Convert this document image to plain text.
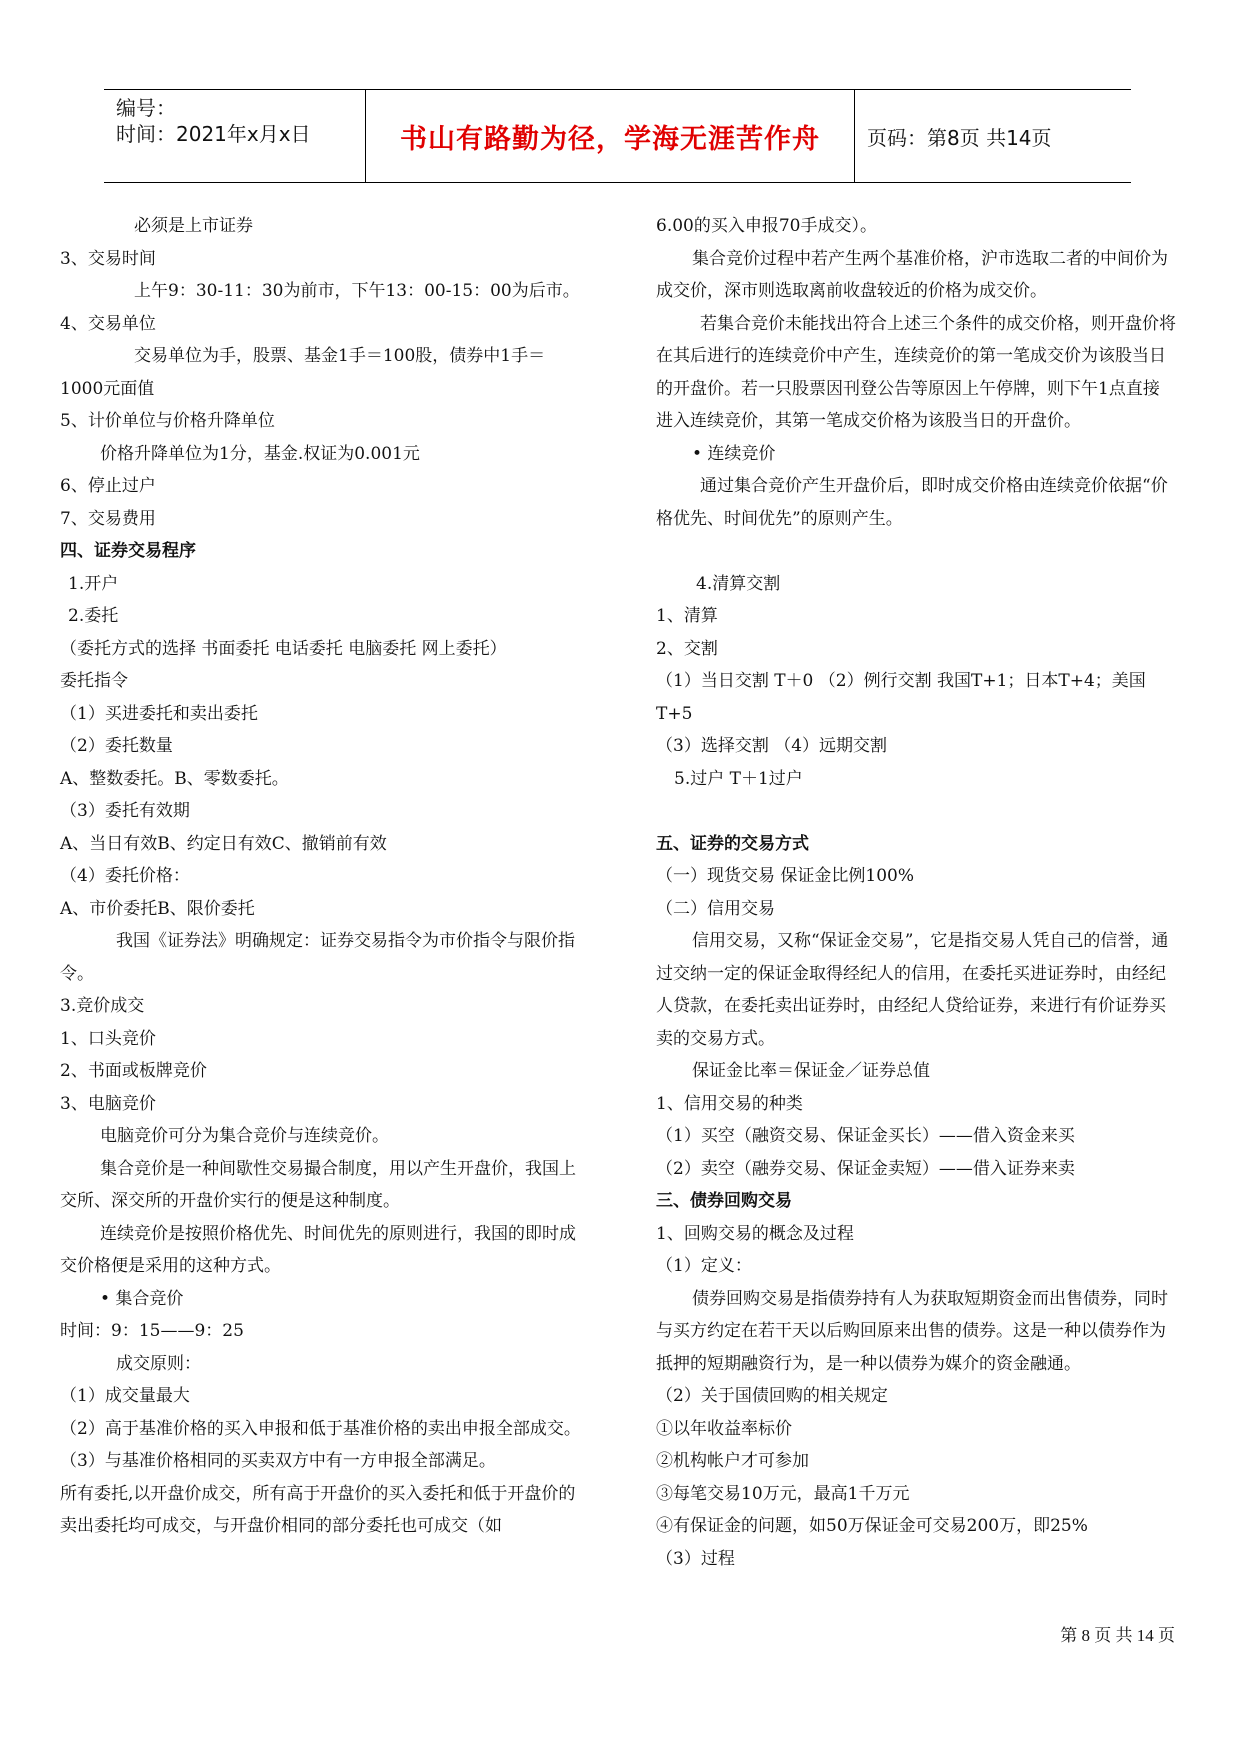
编号：
时间：2021年x月x日	书山有路勤为径，学海无涯苦作舟 页码：第8页 共14页
必须是上市证券
3、交易时间
上午9：30-11：30为前市，下午13：00-15：00为后市。
4、交易单位
交易单位为手，股票、基金1手＝100股，债券中1手＝1000元面值
5、计价单位与价格升降单位
价格升降单位为1分，基金.权证为0.001元
6、停止过户
7、交易费用
四、证券交易程序
1.开户
2.委托
（委托方式的选择 书面委托 电话委托 电脑委托 网上委托）
委托指令
（1）买进委托和卖出委托
（2）委托数量
A、整数委托。B、零数委托。
（3）委托有效期
A、当日有效B、约定日有效C、撤销前有效
（4）委托价格：
A、市价委托B、限价委托
我国《证券法》明确规定：证券交易指令为市价指令与限价指令。
3.竞价成交
1、口头竞价
2、书面或板牌竞价
3、电脑竞价
电脑竞价可分为集合竞价与连续竞价。
集合竞价是一种间歇性交易撮合制度，用以产生开盘价，我国上交所、深交所的开盘价实行的便是这种制度。
连续竞价是按照价格优先、时间优先的原则进行，我国的即时成交价格便是采用的这种方式。
• 集合竞价
时间：9：15——9：25
成交原则：
（1）成交量最大
（2）高于基准价格的买入申报和低于基准价格的卖出申报全部成交。
（3）与基准价格相同的买卖双方中有一方申报全部满足。
所有委托,以开盘价成交，所有高于开盘价的买入委托和低于开盘价的卖出委托均可成交，与开盘价相同的部分委托也可成交（如
6.00的买入申报70手成交）。
集合竞价过程中若产生两个基准价格，沪市选取二者的中间价为成交价，深市则选取离前收盘较近的价格为成交价。
若集合竞价未能找出符合上述三个条件的成交价格，则开盘价将在其后进行的连续竞价中产生，连续竞价的第一笔成交价为该股当日的开盘价。若一只股票因刊登公告等原因上午停牌，则下午1点直接进入连续竞价，其第一笔成交价格为该股当日的开盘价。
• 连续竞价
通过集合竞价产生开盘价后，即时成交价格由连续竞价依据“价格优先、时间优先”的原则产生。
4.清算交割
1、清算
2、交割
（1）当日交割 T＋0 （2）例行交割 我国T+1；日本T+4；美国T+5
（3）选择交割 （4）远期交割
5.过户 T＋1过户
五、证券的交易方式
（一）现货交易 保证金比例100%
（二）信用交易
信用交易，又称“保证金交易”，它是指交易人凭自己的信誉，通过交纳一定的保证金取得经纪人的信用，在委托买进证券时，由经纪人贷款，在委托卖出证券时，由经纪人贷给证券，来进行有价证券买卖的交易方式。
保证金比率＝保证金／证券总值
1、信用交易的种类
（1）买空（融资交易、保证金买长）——借入资金来买
（2）卖空（融券交易、保证金卖短）——借入证券来卖
三、债券回购交易
1、回购交易的概念及过程
（1）定义：
债券回购交易是指债券持有人为获取短期资金而出售债券，同时与买方约定在若干天以后购回原来出售的债券。这是一种以债券作为抵押的短期融资行为，是一种以债券为媒介的资金融通。
（2）关于国债回购的相关规定
①以年收益率标价
②机构帐户才可参加
③每笔交易10万元，最高1千万元
④有保证金的问题，如50万保证金可交易200万，即25%
（3）过程
第 8 页 共 14 页
